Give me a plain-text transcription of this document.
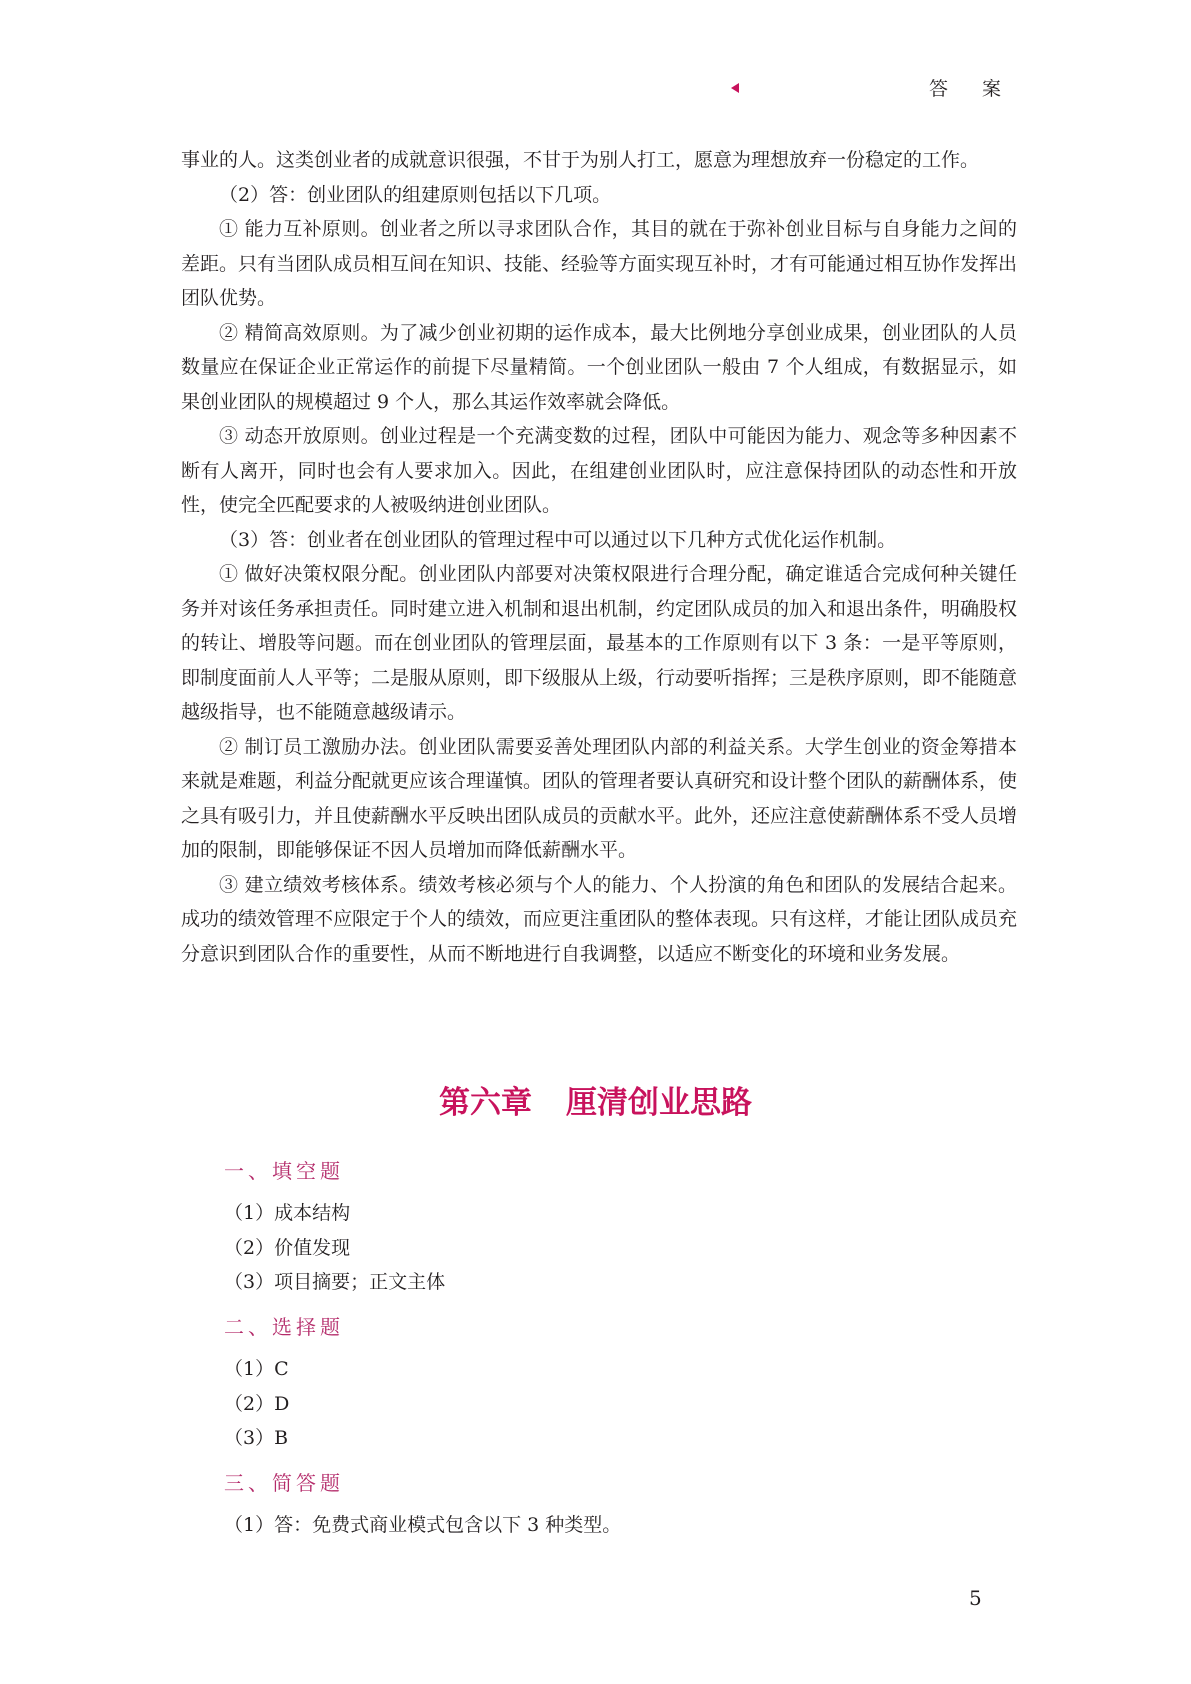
答 案

事业的人。这类创业者的成就意识很强，不甘于为别人打工，愿意为理想放弃一份稳定的工作。

（2）答：创业团队的组建原则包括以下几项。

① 能力互补原则。创业者之所以寻求团队合作，其目的就在于弥补创业目标与自身能力之间的差距。只有当团队成员相互间在知识、技能、经验等方面实现互补时，才有可能通过相互协作发挥出团队优势。

② 精简高效原则。为了减少创业初期的运作成本，最大比例地分享创业成果，创业团队的人员数量应在保证企业正常运作的前提下尽量精简。一个创业团队一般由 7 个人组成，有数据显示，如果创业团队的规模超过 9 个人，那么其运作效率就会降低。

③ 动态开放原则。创业过程是一个充满变数的过程，团队中可能因为能力、观念等多种因素不断有人离开，同时也会有人要求加入。因此，在组建创业团队时，应注意保持团队的动态性和开放性，使完全匹配要求的人被吸纳进创业团队。

（3）答：创业者在创业团队的管理过程中可以通过以下几种方式优化运作机制。

① 做好决策权限分配。创业团队内部要对决策权限进行合理分配，确定谁适合完成何种关键任务并对该任务承担责任。同时建立进入机制和退出机制，约定团队成员的加入和退出条件，明确股权的转让、增股等问题。而在创业团队的管理层面，最基本的工作原则有以下 3 条：一是平等原则，即制度面前人人平等；二是服从原则，即下级服从上级，行动要听指挥；三是秩序原则，即不能随意越级指导，也不能随意越级请示。

② 制订员工激励办法。创业团队需要妥善处理团队内部的利益关系。大学生创业的资金筹措本来就是难题，利益分配就更应该合理谨慎。团队的管理者要认真研究和设计整个团队的薪酬体系，使之具有吸引力，并且使薪酬水平反映出团队成员的贡献水平。此外，还应注意使薪酬体系不受人员增加的限制，即能够保证不因人员增加而降低薪酬水平。

③ 建立绩效考核体系。绩效考核必须与个人的能力、个人扮演的角色和团队的发展结合起来。成功的绩效管理不应限定于个人的绩效，而应更注重团队的整体表现。只有这样，才能让团队成员充分意识到团队合作的重要性，从而不断地进行自我调整，以适应不断变化的环境和业务发展。

第六章 厘清创业思路
一、填空题
（1）成本结构
（2）价值发现
（3）项目摘要；正文主体
二、选择题
（1）C
（2）D
（3）B
三、简答题
（1）答：免费式商业模式包含以下 3 种类型。
5
